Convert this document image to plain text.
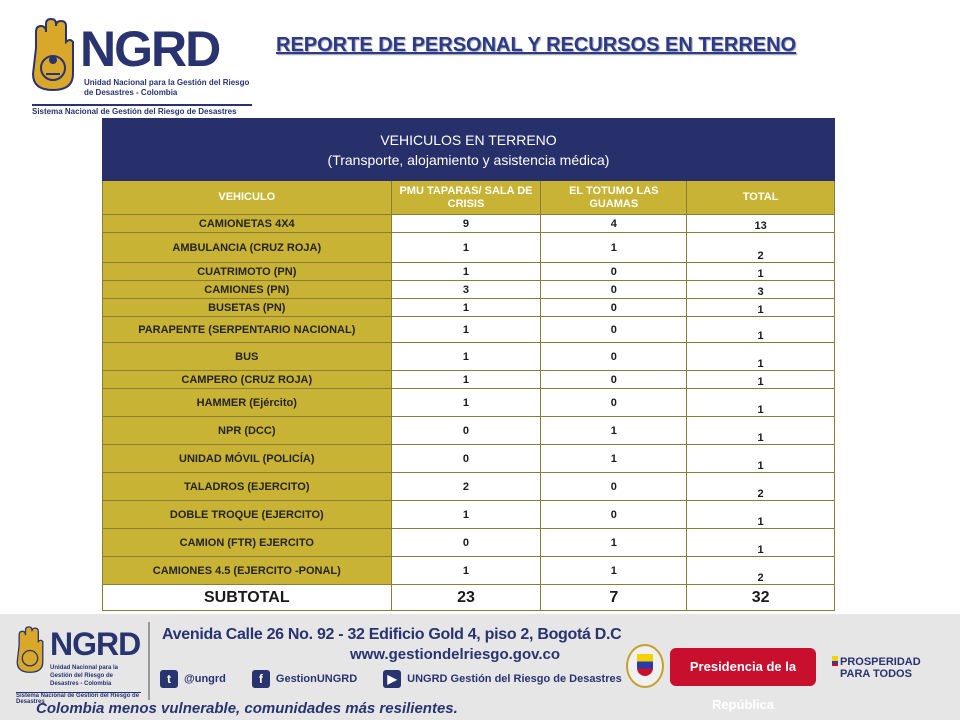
NGRD
Unidad Nacional para la Gestión del Riesgo de Desastres - Colombia
Sistema Nacional de Gestión del Riesgo de Desastres
REPORTE DE PERSONAL Y RECURSOS EN TERRENO
VEHICULOS EN TERRENO
(Transporte, alojamiento y asistencia médica)			

VEHICULO	PMU TAPARAS/ SALA DE CRISIS	EL TOTUMO LAS GUAMAS	TOTAL
CAMIONETAS 4X4	9	4	13
AMBULANCIA (CRUZ ROJA)	1	1	2
CUATRIMOTO (PN)	1	0	1
CAMIONES (PN)	3	0	3
BUSETAS (PN)	1	0	1
PARAPENTE (SERPENTARIO NACIONAL)	1	0	1
BUS	1	0	1
CAMPERO (CRUZ ROJA)	1	0	1
HAMMER (Ejército)	1	0	1
NPR (DCC)	0	1	1
UNIDAD MÓVIL (POLICÍA)	0	1	1
TALADROS (EJERCITO)	2	0	2
DOBLE TROQUE (EJERCITO)	1	0	1
CAMION (FTR) EJERCITO	0	1	1
CAMIONES 4.5 (EJERCITO -PONAL)	1	1	2
SUBTOTAL	23	7	32
NGRD
Unidad Nacional para la Gestión del Riesgo de Desastres - Colombia
Sistema Nacional de Gestión del Riesgo de Desastres
Avenida Calle 26 No. 92 - 32 Edificio Gold 4, piso 2, Bogotá D.C
www.gestiondelriesgo.gov.co
t	@ungrd	f	GestionUNGRD	▶ UNGRD Gestión del Riesgo de Desastres
Presidencia de la República
PROSPERIDAD
PARA TODOS
Colombia menos vulnerable, comunidades más resilientes.
